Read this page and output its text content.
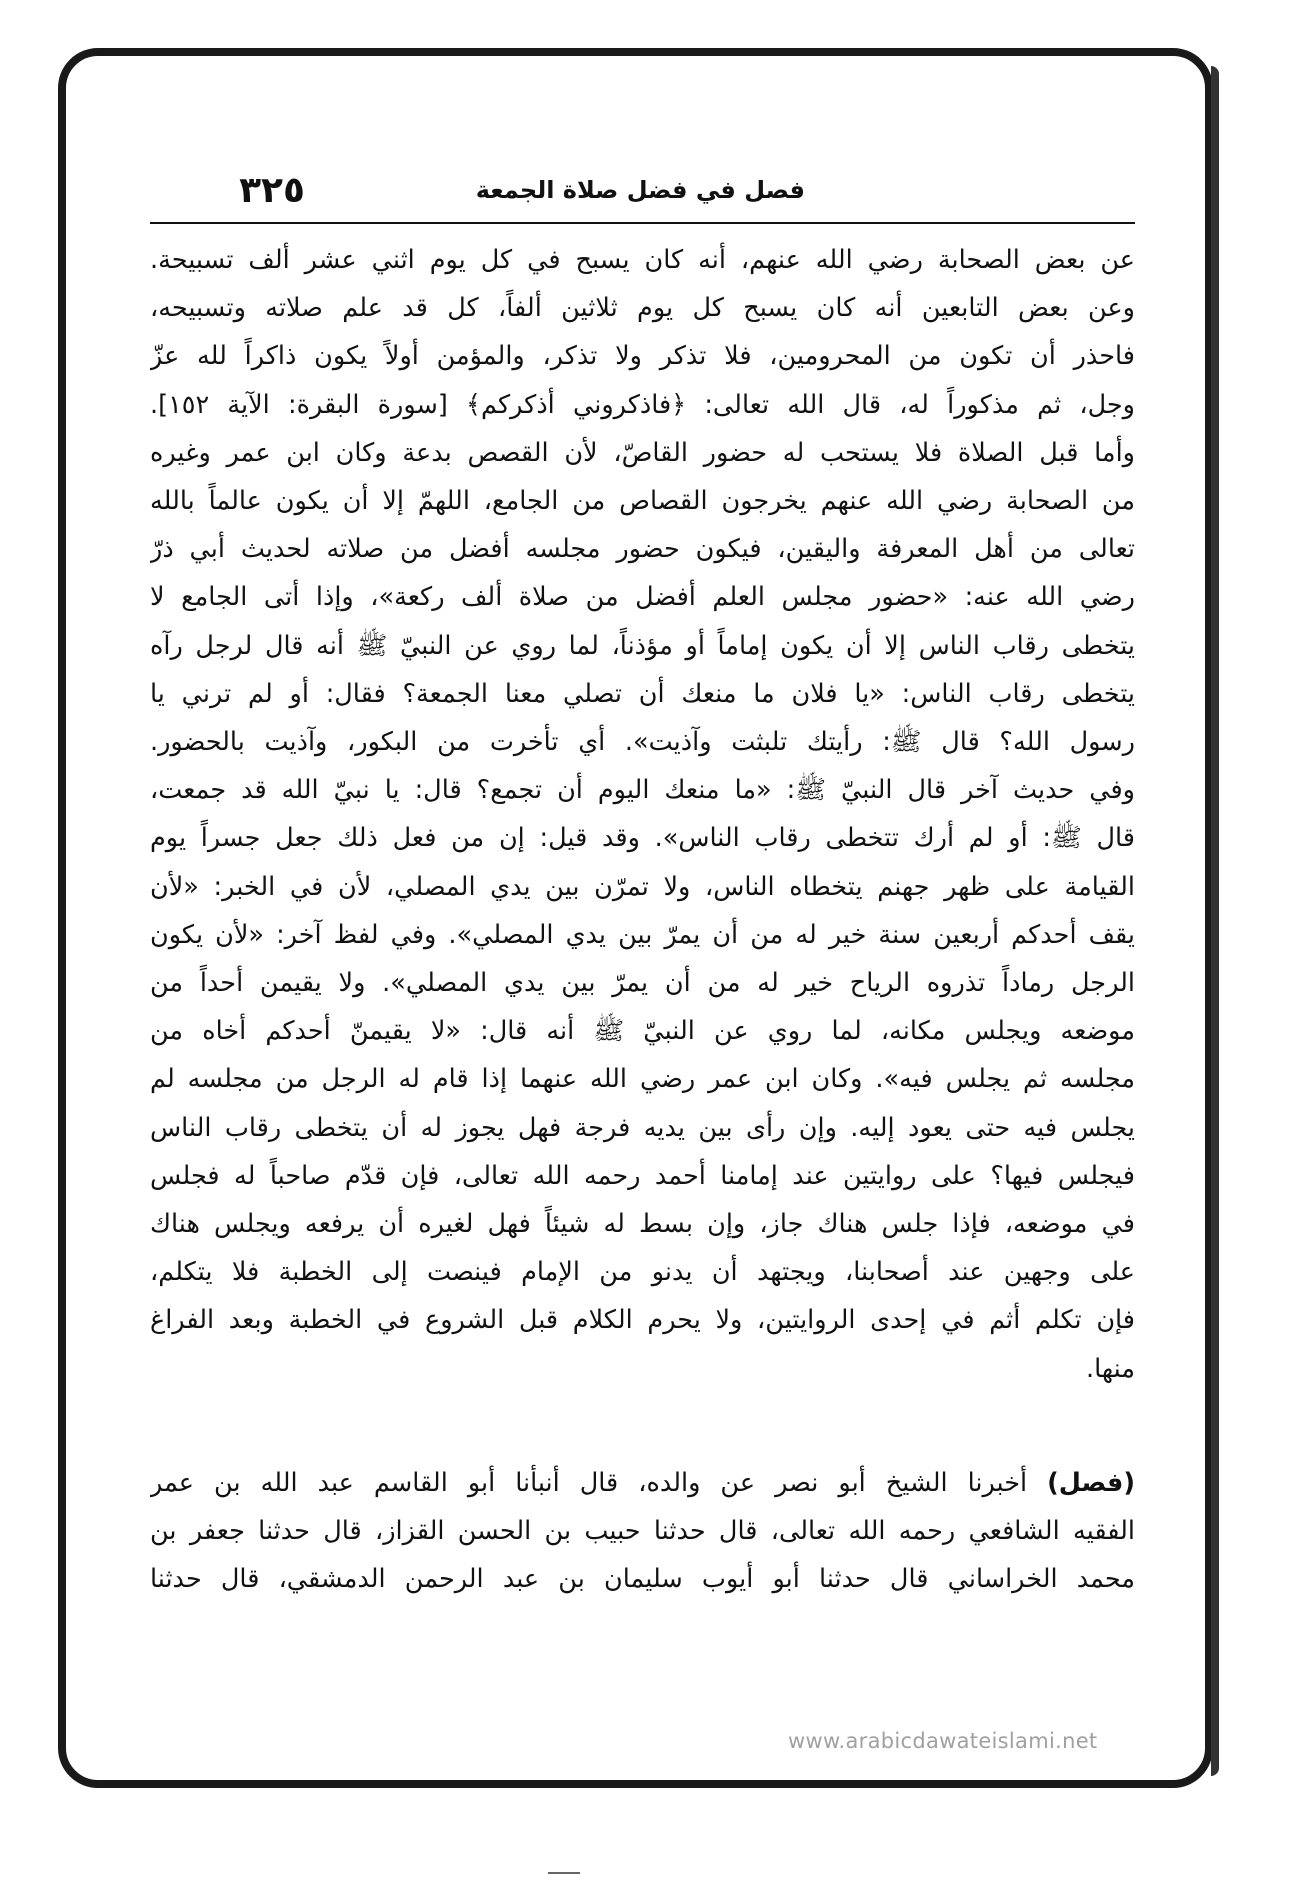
٣٢٥	فصل في فضل صلاة الجمعة

عن بعض الصحابة رضي الله عنهم، أنه كان يسبح في كل يوم اثني عشر ألف تسبيحة.
وعن بعض التابعين أنه كان يسبح كل يوم ثلاثين ألفاً، كل قد علم صلاته وتسبيحه،
فاحذر أن تكون من المحرومين، فلا تذكر ولا تذكر، والمؤمن أولاً يكون ذاكراً لله عزّ
وجل، ثم مذكوراً له، قال الله تعالى: ﴿فاذكروني أذكركم﴾ [سورة البقرة: الآية ١٥٢].
وأما قبل الصلاة فلا يستحب له حضور القاصّ، لأن القصص بدعة وكان ابن عمر وغيره
من الصحابة رضي الله عنهم يخرجون القصاص من الجامع، اللهمّ إلا أن يكون عالماً بالله
تعالى من أهل المعرفة واليقين، فيكون حضور مجلسه أفضل من صلاته لحديث أبي ذرّ
رضي الله عنه: «حضور مجلس العلم أفضل من صلاة ألف ركعة»، وإذا أتى الجامع لا
يتخطى رقاب الناس إلا أن يكون إماماً أو مؤذناً، لما روي عن النبيّ ﷺ أنه قال لرجل رآه
يتخطى رقاب الناس: «يا فلان ما منعك أن تصلي معنا الجمعة؟ فقال: أو لم ترني يا
رسول الله؟ قال ﷺ: رأيتك تلبثت وآذيت». أي تأخرت من البكور، وآذيت بالحضور.
وفي حديث آخر قال النبيّ ﷺ: «ما منعك اليوم أن تجمع؟ قال: يا نبيّ الله قد جمعت،
قال ﷺ: أو لم أرك تتخطى رقاب الناس». وقد قيل: إن من فعل ذلك جعل جسراً يوم
القيامة على ظهر جهنم يتخطاه الناس، ولا تمرّن بين يدي المصلي، لأن في الخبر: «لأن
يقف أحدكم أربعين سنة خير له من أن يمرّ بين يدي المصلي». وفي لفظ آخر: «لأن يكون
الرجل رماداً تذروه الرياح خير له من أن يمرّ بين يدي المصلي». ولا يقيمن أحداً من
موضعه ويجلس مكانه، لما روي عن النبيّ ﷺ أنه قال: «لا يقيمنّ أحدكم أخاه من
مجلسه ثم يجلس فيه». وكان ابن عمر رضي الله عنهما إذا قام له الرجل من مجلسه لم
يجلس فيه حتى يعود إليه. وإن رأى بين يديه فرجة فهل يجوز له أن يتخطى رقاب الناس
فيجلس فيها؟ على روايتين عند إمامنا أحمد رحمه الله تعالى، فإن قدّم صاحباً له فجلس
في موضعه، فإذا جلس هناك جاز، وإن بسط له شيئاً فهل لغيره أن يرفعه ويجلس هناك
على وجهين عند أصحابنا، ويجتهد أن يدنو من الإمام فينصت إلى الخطبة فلا يتكلم،
فإن تكلم أثم في إحدى الروايتين، ولا يحرم الكلام قبل الشروع في الخطبة وبعد الفراغ
منها.

(فصل) أخبرنا الشيخ أبو نصر عن والده، قال أنبأنا أبو القاسم عبد الله بن عمر
الفقيه الشافعي رحمه الله تعالى، قال حدثنا حبيب بن الحسن القزاز، قال حدثنا جعفر بن
محمد الخراساني قال حدثنا أبو أيوب سليمان بن عبد الرحمن الدمشقي، قال حدثنا

www.arabicdawateislami.net
